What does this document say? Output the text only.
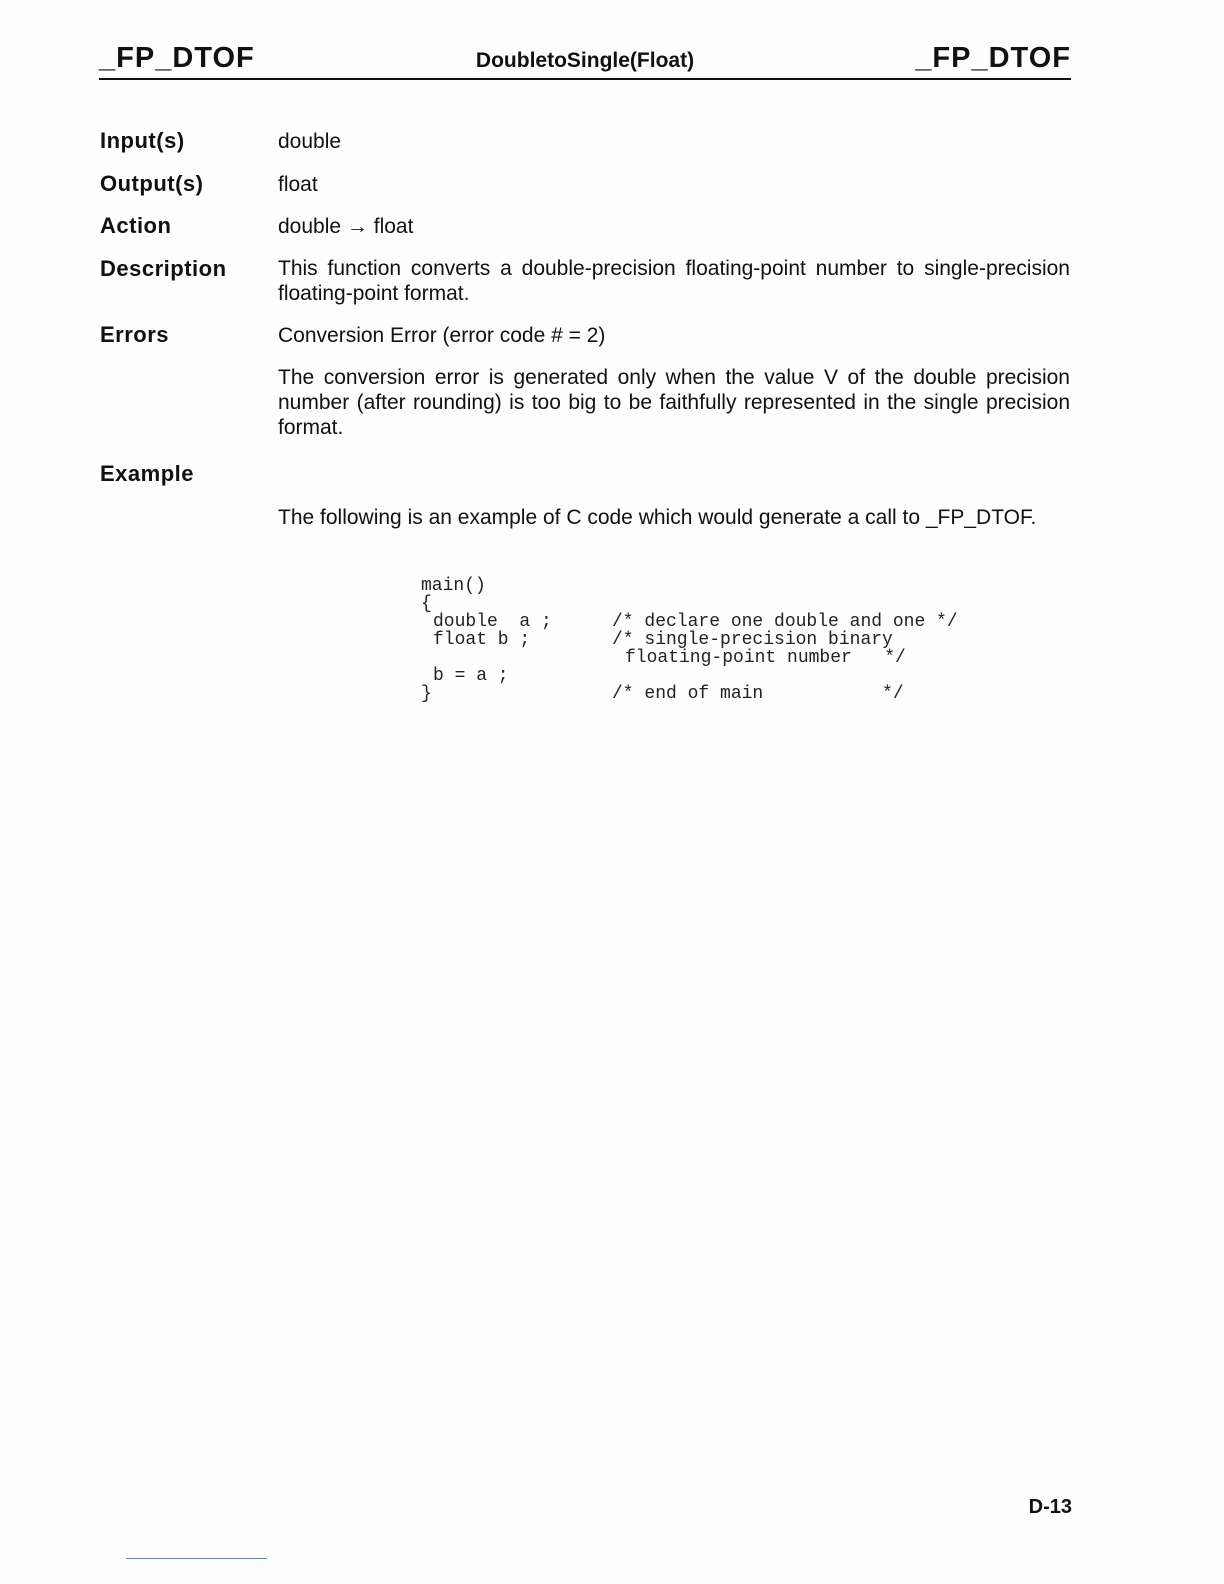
_FP_DTOF	DoubletoSingle(Float)	_FP_DTOF
Input(s)	double
Output(s)	float
Action	double → float
Description This function converts a double-precision floating-point number to single-precision floating-point format.
Errors	Conversion Error (error code # = 2)
The conversion error is generated only when the value V of the double precision number (after rounding) is too big to be faithfully represented in the single precision format.
Example
The following is an example of C code which would generate a call to _FP_DTOF.
main()
{
double  a ;
float b ;
b = a ;
}
/* declare one double and one */
/* single-precision binary
floating-point number   */
/* end of main           */
D-13
